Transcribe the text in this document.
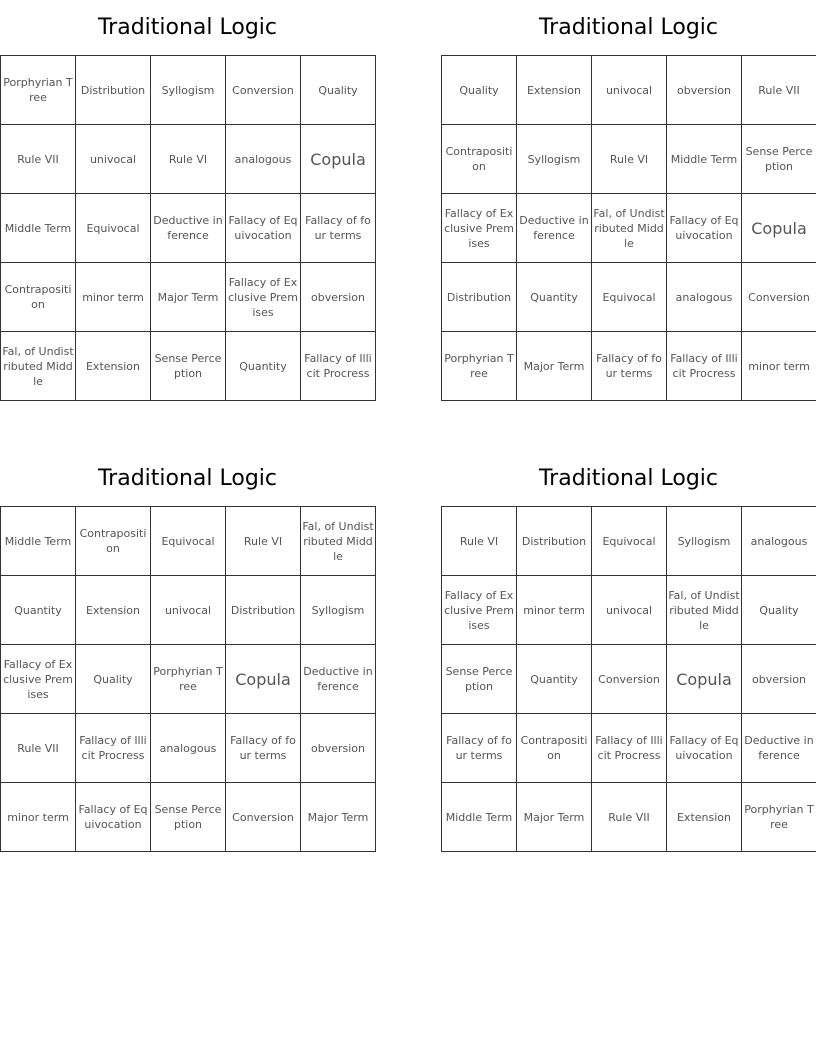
Traditional Logic
Porphyrian Tree	Distribution	Syllogism	Conversion	Quality
Rule VII	univocal	Rule VI	analogous	Copula
Middle Term	Equivocal	Deductive inference	Fallacy of Equivocation	Fallacy of four terms
Contraposition	minor term	Major Term	Fallacy of Exclusive Premises	obversion
Fal, of Undistributed Middle	Extension	Sense Perception	Quantity	Fallacy of Illicit Procress
Traditional Logic
Quality	Extension	univocal	obversion	Rule VII
Contraposition	Syllogism	Rule VI	Middle Term	Sense Perception
Fallacy of Exclusive Premises	Deductive inference	Fal, of Undistributed Middle	Fallacy of Equivocation	Copula
Distribution	Quantity	Equivocal	analogous	Conversion
Porphyrian Tree	Major Term	Fallacy of four terms	Fallacy of Illicit Procress	minor term
Traditional Logic
Middle Term	Contraposition	Equivocal	Rule VI	Fal, of Undistributed Middle
Quantity	Extension	univocal	Distribution	Syllogism
Fallacy of Exclusive Premises	Quality	Porphyrian Tree	Copula	Deductive inference
Rule VII	Fallacy of Illicit Procress	analogous	Fallacy of four terms	obversion
minor term	Fallacy of Equivocation	Sense Perception	Conversion	Major Term
Traditional Logic
Rule VI	Distribution	Equivocal	Syllogism	analogous
Fallacy of Exclusive Premises	minor term	univocal	Fal, of Undistributed Middle	Quality
Sense Perception	Quantity	Conversion	Copula	obversion
Fallacy of four terms	Contraposition	Fallacy of Illicit Procress	Fallacy of Equivocation	Deductive inference
Middle Term	Major Term	Rule VII	Extension	Porphyrian Tree
